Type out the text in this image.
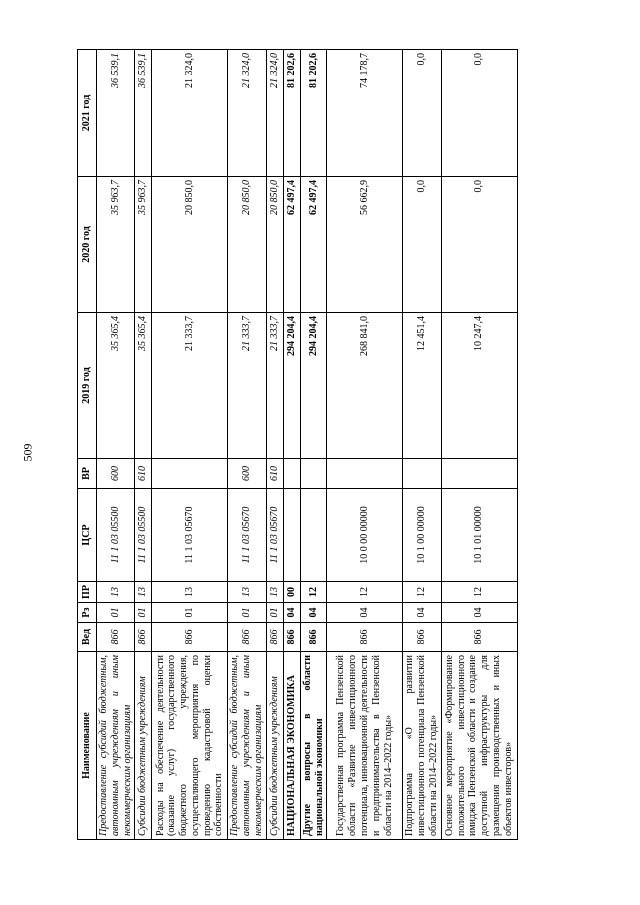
509
Наименование	Вед	Рз	ПР	ЦСР	ВР	2019 год	2020 год	2021 год
Предоставление субсидий бюджетным, автономным учреждениям и иным некоммерческим организациям	866	01	13	11 1 03 05500	600	35 365,4	35 963,7	36 539,1
Субсидии бюджетным учреждениям	866	01	13	11 1 03 05500	610	35 365,4	35 963,7	36 539,1
Расходы на обеспечение деятельности (оказание услуг) государственного бюджетного учреждения, осуществляющего мероприятия по проведению кадастровой оценки собственности	866	01	13	11 1 03 05670		21 333,7	20 850,0	21 324,0
Предоставление субсидий бюджетным, автономным учреждениям и иным некоммерческим организациям	866	01	13	11 1 03 05670	600	21 333,7	20 850,0	21 324,0
Субсидии бюджетным учреждениям	866	01	13	11 1 03 05670	610	21 333,7	20 850,0	21 324,0
НАЦИОНАЛЬНАЯ ЭКОНОМИКА	866	04	00			294 204,4	62 497,4	81 202,6
Другие вопросы в области национальной экономики	866	04	12			294 204,4	62 497,4	81 202,6
Государственная программа Пензенской области «Развитие инвестиционного потенциала, инновационной деятельности и предпринимательства в Пензенской области на 2014–2022 годы»	866	04	12	10 0 00 00000		268 841,0	56 662,9	74 178,7
Подпрограмма «О развитии инвестиционного потенциала Пензенской области на 2014–2022 годы»	866	04	12	10 1 00 00000		12 451,4	0,0	0,0
Основное мероприятие «Формирование положительного инвестиционного имиджа Пензенской области и создание доступной инфраструктуры для размещения производственных и иных объектов инвесторов»	866	04	12	10 1 01 00000		10 247,4	0,0	0,0
